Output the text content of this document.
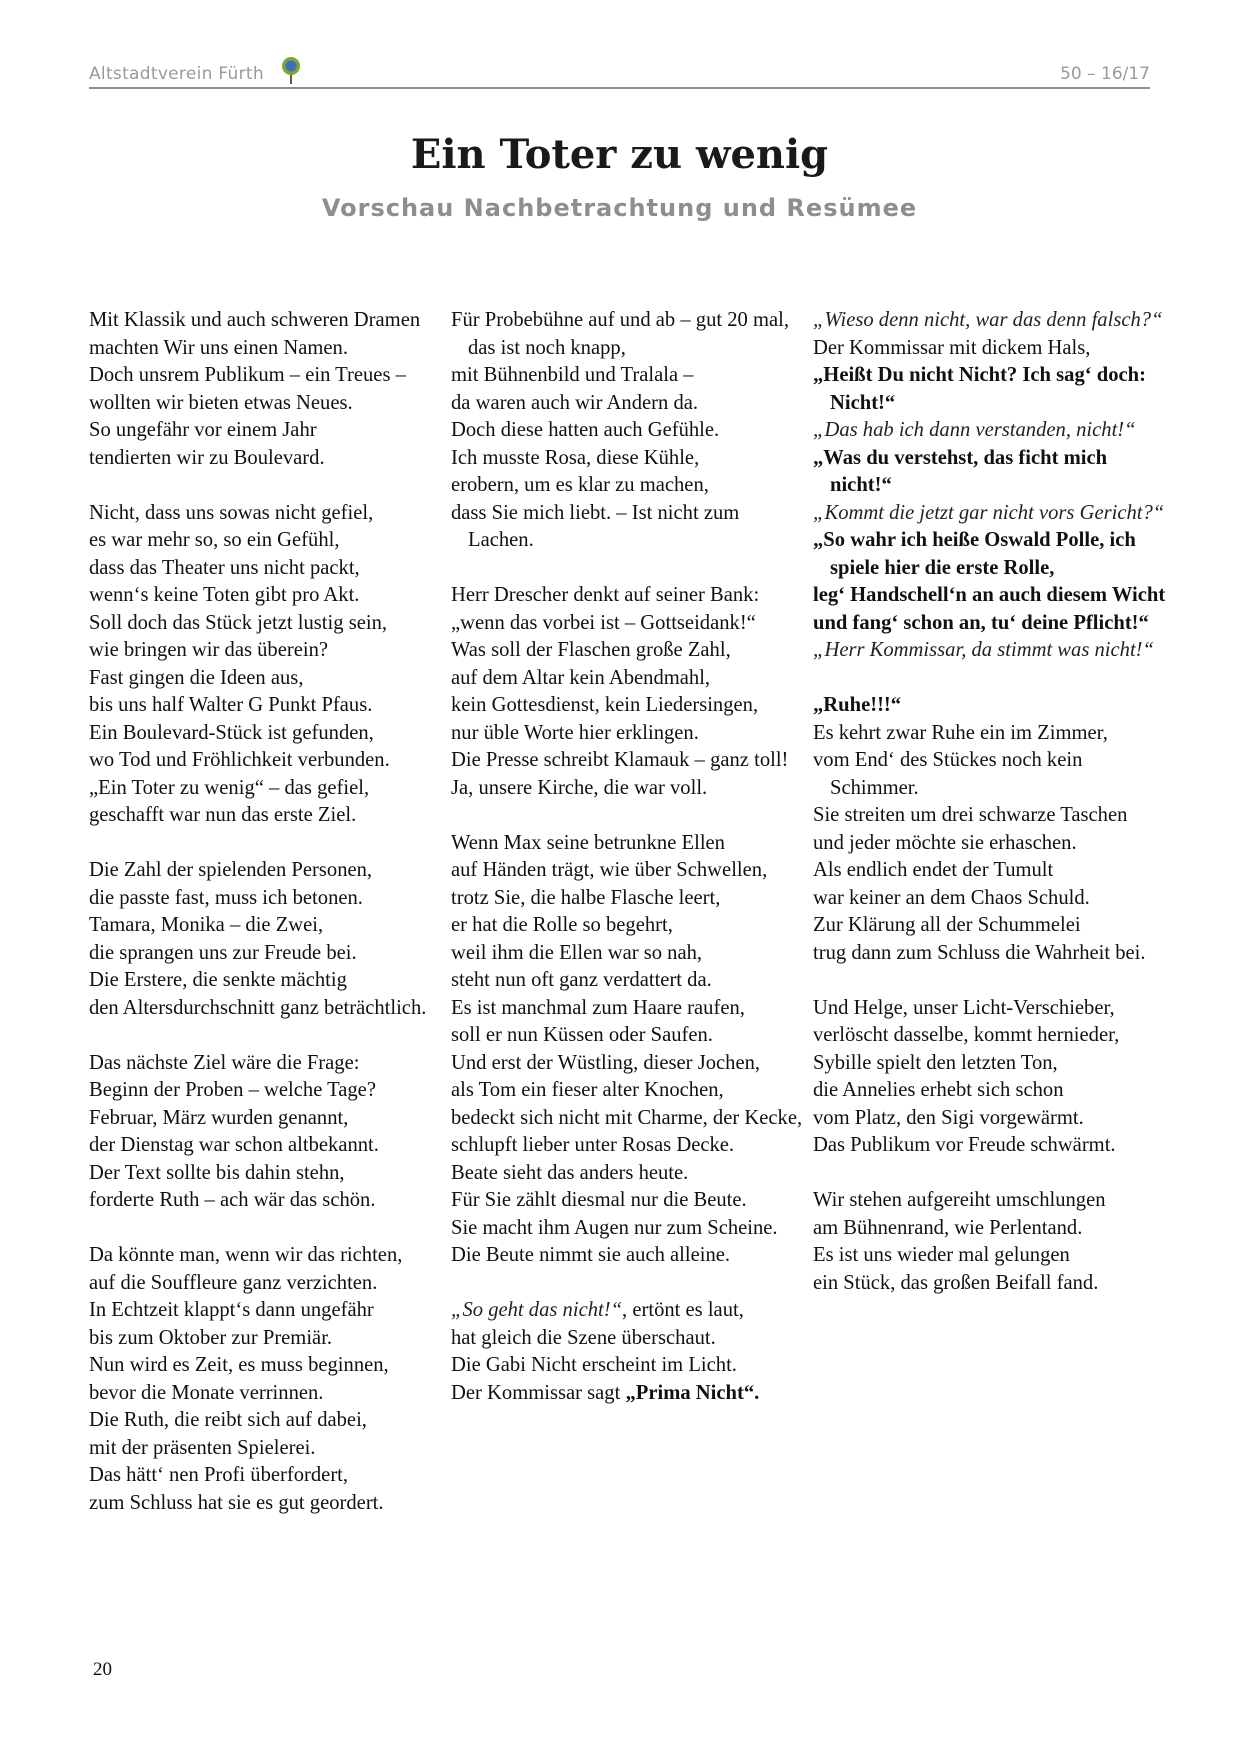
Altstadtverein Fürth	50 – 16/17
Ein Toter zu wenig
Vorschau Nachbetrachtung und Resümee
Mit Klassik und auch schweren Dramen
machten Wir uns einen Namen.
Doch unsrem Publikum – ein Treues –
wollten wir bieten etwas Neues.
So ungefähr vor einem Jahr
tendierten wir zu Boulevard.
Nicht, dass uns sowas nicht gefiel,
es war mehr so, so ein Gefühl,
dass das Theater uns nicht packt,
wenn‘s keine Toten gibt pro Akt.
Soll doch das Stück jetzt lustig sein,
wie bringen wir das überein?
Fast gingen die Ideen aus,
bis uns half Walter G Punkt Pfaus.
Ein Boulevard-Stück ist gefunden,
wo Tod und Fröhlichkeit verbunden.
„Ein Toter zu wenig“ – das gefiel,
geschafft war nun das erste Ziel.
Die Zahl der spielenden Personen,
die passte fast, muss ich betonen.
Tamara, Monika – die Zwei,
die sprangen uns zur Freude bei.
Die Erstere, die senkte mächtig
den Altersdurchschnitt ganz beträchtlich.
Das nächste Ziel wäre die Frage:
Beginn der Proben – welche Tage?
Februar, März wurden genannt,
der Dienstag war schon altbekannt.
Der Text sollte bis dahin stehn,
forderte Ruth – ach wär das schön.
Da könnte man, wenn wir das richten,
auf die Souffleure ganz verzichten.
In Echtzeit klappt‘s dann ungefähr
bis zum Oktober zur Premiär.
Nun wird es Zeit, es muss beginnen,
bevor die Monate verrinnen.
Die Ruth, die reibt sich auf dabei,
mit der präsenten Spielerei.
Das hätt‘ nen Profi überfordert,
zum Schluss hat sie es gut geordert.
Für Probebühne auf und ab – gut 20 mal, das ist noch knapp,
mit Bühnenbild und Tralala –
da waren auch wir Andern da.
Doch diese hatten auch Gefühle.
Ich musste Rosa, diese Kühle,
erobern, um es klar zu machen,
dass Sie mich liebt. – Ist nicht zum Lachen.
Herr Drescher denkt auf seiner Bank:
„wenn das vorbei ist – Gottseidank!“
Was soll der Flaschen große Zahl,
auf dem Altar kein Abendmahl,
kein Gottesdienst, kein Liedersingen,
nur üble Worte hier erklingen.
Die Presse schreibt Klamauk – ganz toll!
Ja, unsere Kirche, die war voll.
Wenn Max seine betrunkne Ellen
auf Händen trägt, wie über Schwellen,
trotz Sie, die halbe Flasche leert,
er hat die Rolle so begehrt,
weil ihm die Ellen war so nah,
steht nun oft ganz verdattert da.
Es ist manchmal zum Haare raufen,
soll er nun Küssen oder Saufen.
Und erst der Wüstling, dieser Jochen,
als Tom ein fieser alter Knochen,
bedeckt sich nicht mit Charme, der Kecke,
schlupft lieber unter Rosas Decke.
Beate sieht das anders heute.
Für Sie zählt diesmal nur die Beute.
Sie macht ihm Augen nur zum Scheine.
Die Beute nimmt sie auch alleine.
„So geht das nicht!“, ertönt es laut,
hat gleich die Szene überschaut.
Die Gabi Nicht erscheint im Licht.
Der Kommissar sagt „Prima Nicht“.
„Wieso denn nicht, war das denn falsch?“
Der Kommissar mit dickem Hals,
„Heißt Du nicht Nicht? Ich sag‘ doch: Nicht!“
„Das hab ich dann verstanden, nicht!“
„Was du verstehst, das ficht mich nicht!“
„Kommt die jetzt gar nicht vors Gericht?“
„So wahr ich heiße Oswald Polle, ich spiele hier die erste Rolle,
leg‘ Handschell‘n an auch diesem Wicht
und fang‘ schon an, tu‘ deine Pflicht!“
„Herr Kommissar, da stimmt was nicht!“
„Ruhe!!!“
Es kehrt zwar Ruhe ein im Zimmer,
vom End‘ des Stückes noch kein Schimmer.
Sie streiten um drei schwarze Taschen
und jeder möchte sie erhaschen.
Als endlich endet der Tumult
war keiner an dem Chaos Schuld.
Zur Klärung all der Schummelei
trug dann zum Schluss die Wahrheit bei.
Und Helge, unser Licht-Verschieber,
verlöscht dasselbe, kommt hernieder,
Sybille spielt den letzten Ton,
die Annelies erhebt sich schon
vom Platz, den Sigi vorgewärmt.
Das Publikum vor Freude schwärmt.
Wir stehen aufgereiht umschlungen
am Bühnenrand, wie Perlentand.
Es ist uns wieder mal gelungen
ein Stück, das großen Beifall fand.
20
